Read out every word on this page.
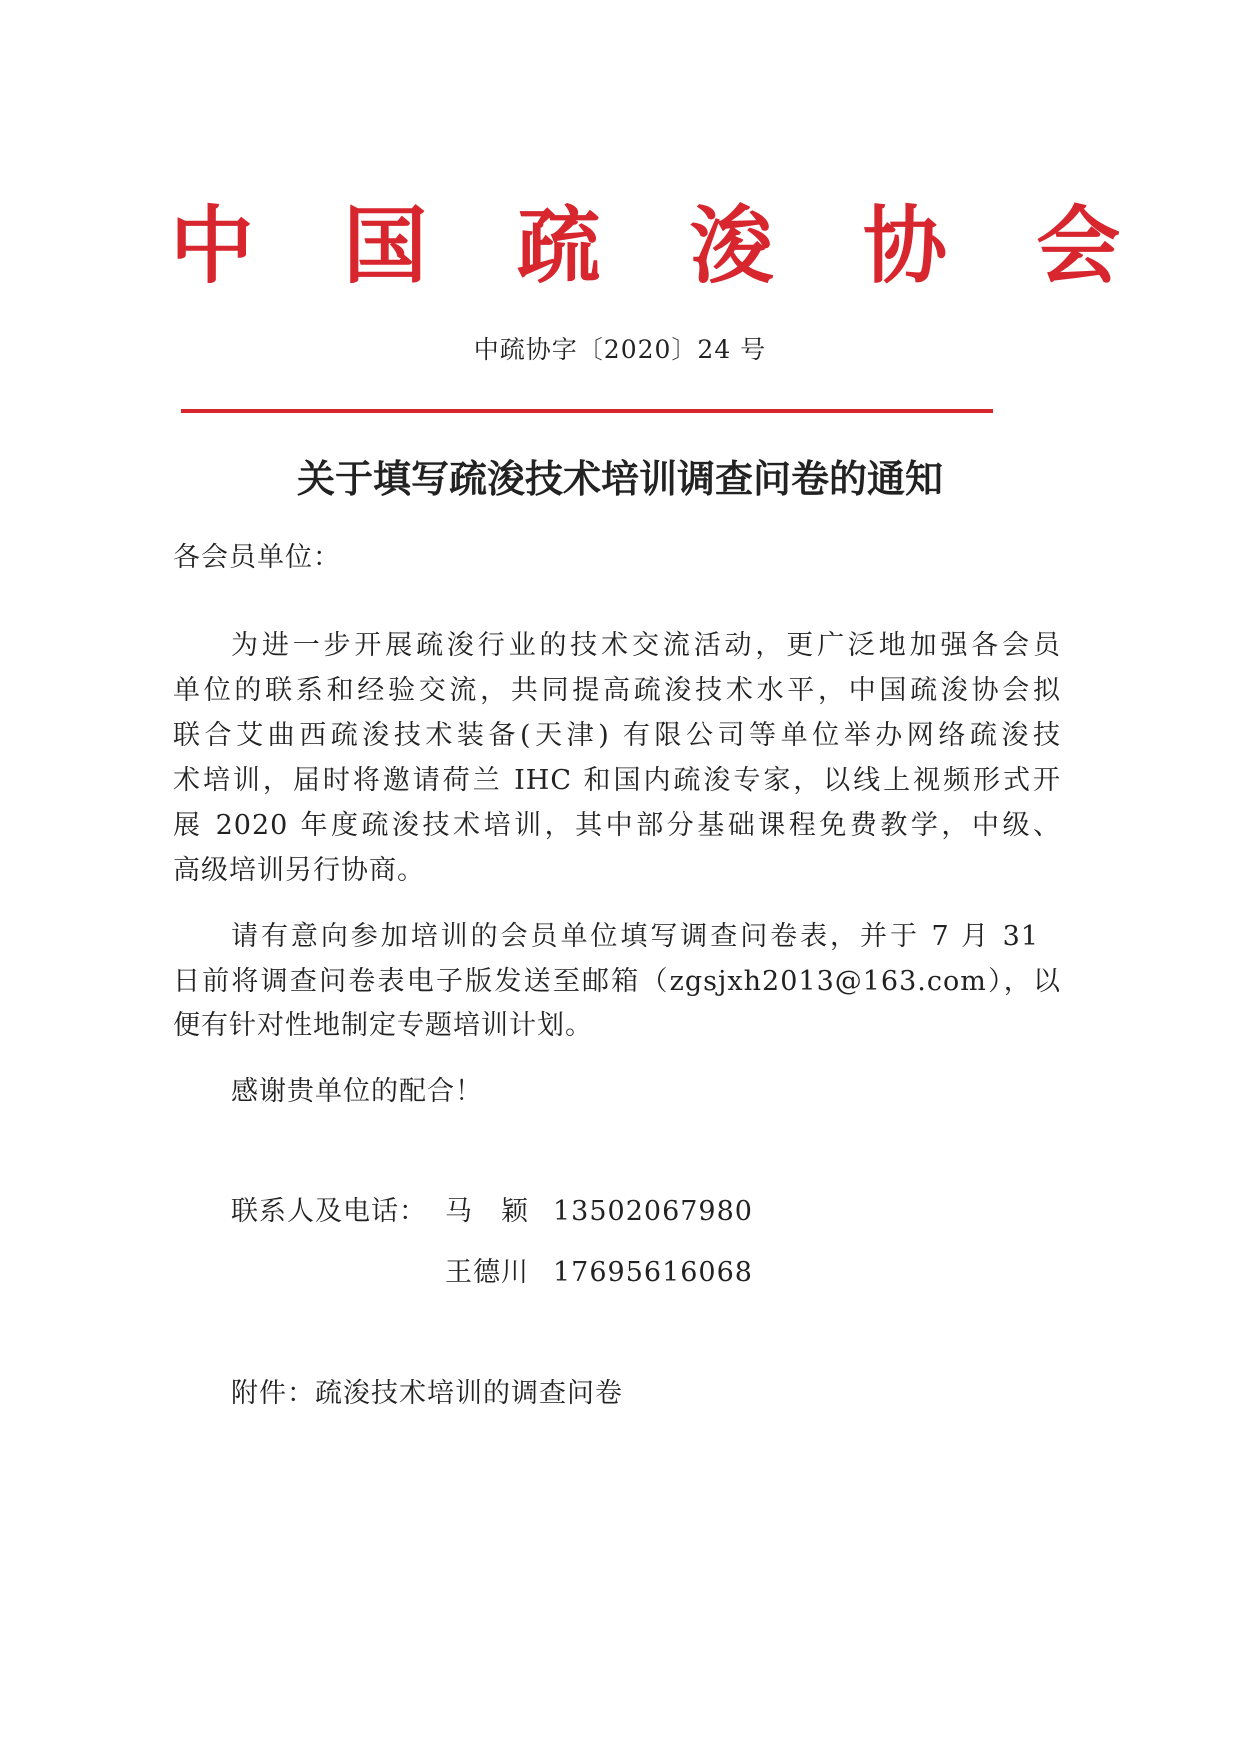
中 国 疏 浚 协 会
中疏协字〔2020〕24 号
关于填写疏浚技术培训调查问卷的通知
各会员单位：
为进一步开展疏浚行业的技术交流活动，更广泛地加强各会员
单位的联系和经验交流，共同提高疏浚技术水平，中国疏浚协会拟
联合艾曲西疏浚技术装备(天津) 有限公司等单位举办网络疏浚技
术培训，届时将邀请荷兰 IHC 和国内疏浚专家，以线上视频形式开
展 2020 年度疏浚技术培训，其中部分基础课程免费教学，中级、
高级培训另行协商。
请有意向参加培训的会员单位填写调查问卷表，并于 7 月 31
日前将调查问卷表电子版发送至邮箱（zgsjxh2013@163.com），以
便有针对性地制定专题培训计划。
感谢贵单位的配合！
联系人及电话： 马　颖 13502067980
王德川 17695616068
附件：疏浚技术培训的调查问卷
